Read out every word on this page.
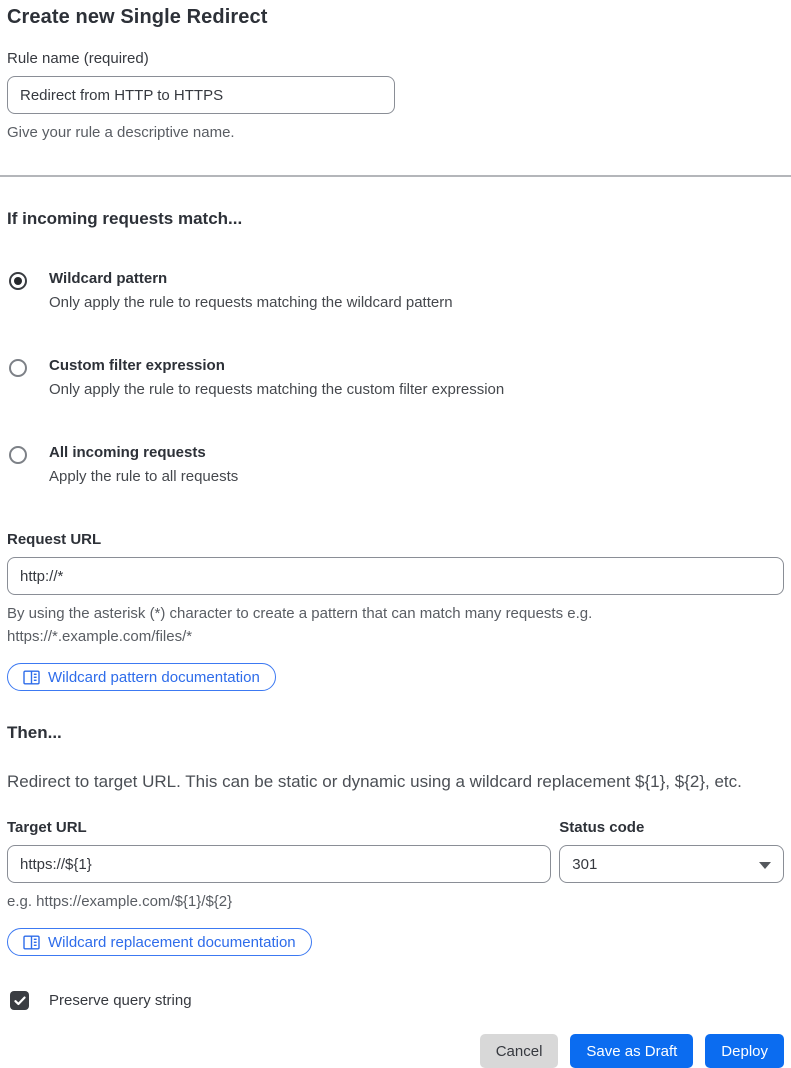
Create new Single Redirect
Rule name (required)
Redirect from HTTP to HTTPS
Give your rule a descriptive name.
If incoming requests match...
Wildcard pattern
Only apply the rule to requests matching the wildcard pattern
Custom filter expression
Only apply the rule to requests matching the custom filter expression
All incoming requests
Apply the rule to all requests
Request URL
http://*
By using the asterisk (*) character to create a pattern that can match many requests e.g. https://*.example.com/files/*
Wildcard pattern documentation
Then...
Redirect to target URL. This can be static or dynamic using a wildcard replacement ${1}, ${2}, etc.
Target URL
https://${1}
e.g. https://example.com/${1}/${2}
Status code
301
Wildcard replacement documentation
Preserve query string
Cancel	Save as Draft	Deploy
